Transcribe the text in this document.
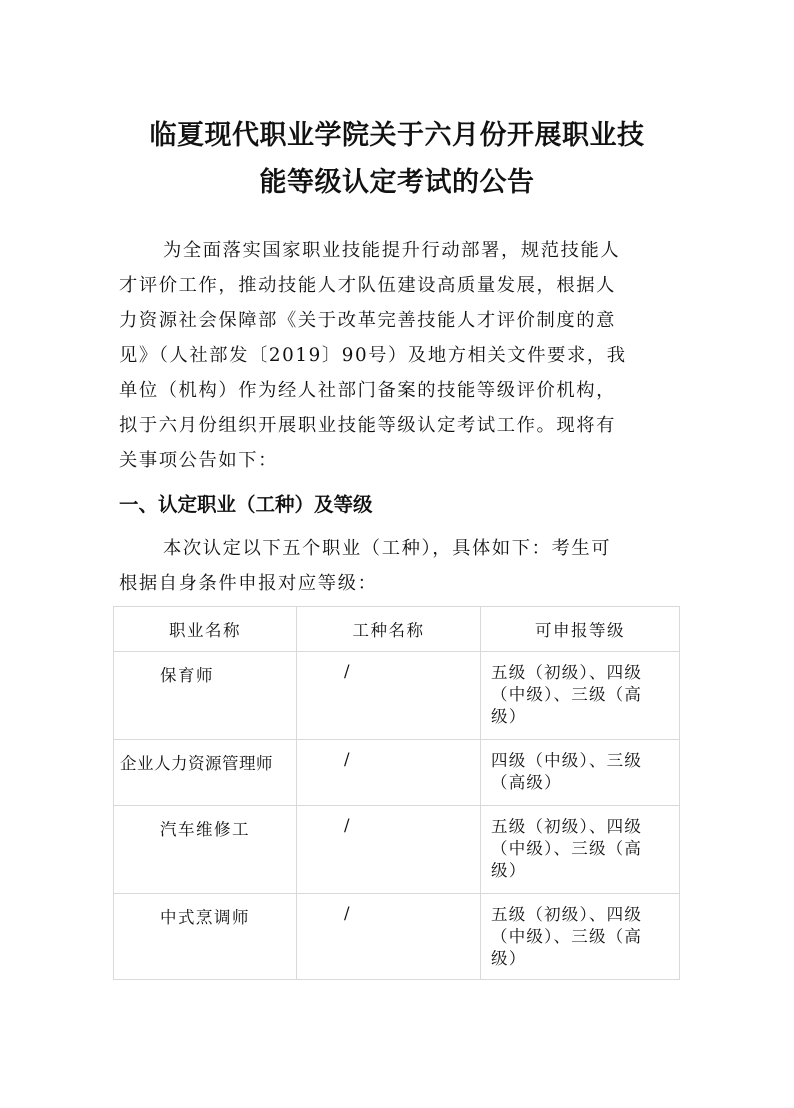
临夏现代职业学院关于六月份开展职业技
能等级认定考试的公告
为全面落实国家职业技能提升行动部署，规范技能人
才评价工作，推动技能人才队伍建设高质量发展，根据人
力资源社会保障部《关于改革完善技能人才评价制度的意
见》（人社部发〔2019〕90号）及地方相关文件要求，我
单位（机构）作为经人社部门备案的技能等级评价机构，
拟于六月份组织开展职业技能等级认定考试工作。现将有
关事项公告如下：
一、认定职业（工种）及等级
本次认定以下五个职业（工种），具体如下：考生可
根据自身条件申报对应等级：
职业名称	工种名称	可申报等级
保育师	/	五级（初级）、四级
（中级）、三级（高
级）

企业人力资源管理师	/	四级（中级）、三级
（高级）

汽车维修工	/	五级（初级）、四级
（中级）、三级（高
级）

中式烹调师	/	五级（初级）、四级
（中级）、三级（高
级）
